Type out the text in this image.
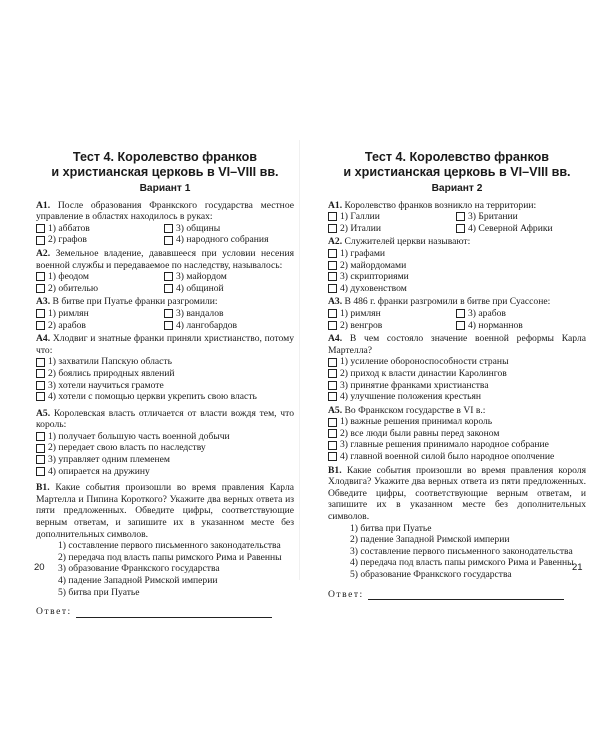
Тест 4. Королевство франков
и христианская церковь в VI–VIII вв.

Вариант 1
А1. После образования Франкского государства местное управление в областях находилось в руках:
1) аббатов	3) общины
2) графов	4) народного собрания
А2. Земельное владение, дававшееся при условии несения военной службы и передаваемое по наследству, называлось:
1) феодом	3) майордом
2) обителью	4) общиной
А3. В битве при Пуатье франки разгромили:
1) римлян	3) вандалов
2) арабов	4) лангобардов
А4. Хлодвиг и знатные франки приняли христианство, потому что:
1) захватили Папскую область
2) боялись природных явлений
3) хотели научиться грамоте
4) хотели с помощью церкви укрепить свою власть
А5. Королевская власть отличается от власти вождя тем, что король:
1) получает большую часть военной добычи
2) передает свою власть по наследству
3) управляет одним племенем
4) опирается на дружину
В1. Какие события произошли во время правления Карла Мартелла и Пипина Короткого? Укажите два верных ответа из пяти предложенных. Обведите цифры, соответствующие верным ответам, и запишите их в указанном месте без дополнительных символов.
1) составление первого письменного законодательства
2) передача под власть папы римского Рима и Равенны
3) образование Франкского государства
4) падение Западной Римской империи
5) битва при Пуатье
Ответ:
20

Тест 4. Королевство франков
и христианская церковь в VI–VIII вв.

Вариант 2
А1. Королевство франков возникло на территории:
1) Галлии	3) Британии
2) Италии	4) Северной Африки
А2. Служителей церкви называют:
1) графами
2) майордомами
3) скрипториями
4) духовенством
А3. В 486 г. франки разгромили в битве при Суассоне:
1) римлян	3) арабов
2) венгров	4) норманнов
А4. В чем состояло значение военной реформы Карла Мартелла?
1) усиление обороноспособности страны
2) приход к власти династии Каролингов
3) принятие франками христианства
4) улучшение положения крестьян
А5. Во Франкском государстве в VI в.:
1) важные решения принимал король
2) все люди были равны перед законом
3) главные решения принимало народное собрание
4) главной военной силой было народное ополчение
В1. Какие события произошли во время правления короля Хлодвига? Укажите два верных ответа из пяти предложенных. Обведите цифры, соответствующие верным ответам, и запишите их в указанном месте без дополнительных символов.
1) битва при Пуатье
2) падение Западной Римской империи
3) составление первого письменного законодательства
4) передача под власть папы римского Рима и Равенны
5) образование Франкского государства
Ответ:
21
